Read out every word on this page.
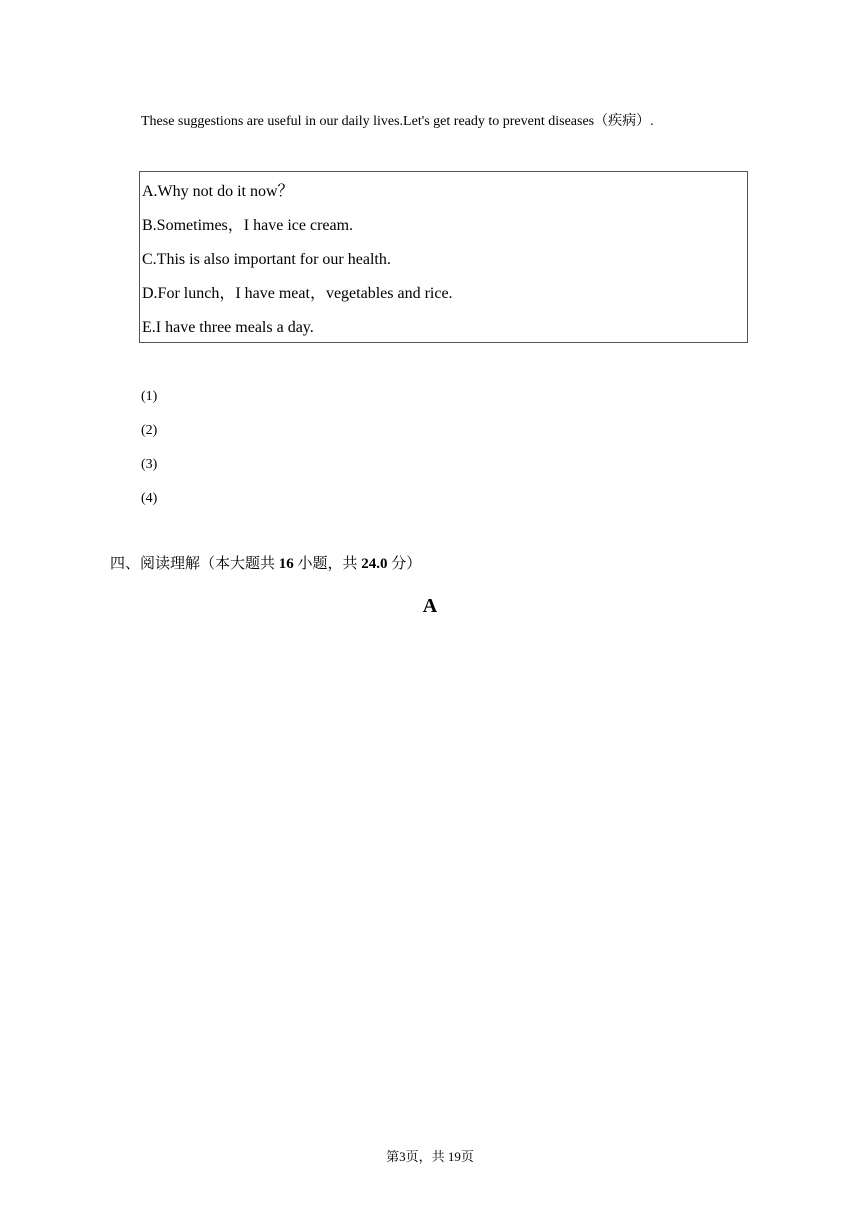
These suggestions are useful in our daily lives.Let's get ready to prevent diseases（疾病）.
A.Why not do it now？
B.Sometimes，I have ice cream.
C.This is also important for our health.
D.For lunch，I have meat，vegetables and rice.
E.I have three meals a day.
(1)
(2)
(3)
(4)
四、阅读理解（本大题共 16 小题，共 24.0 分）
A
第3页，共 19页
